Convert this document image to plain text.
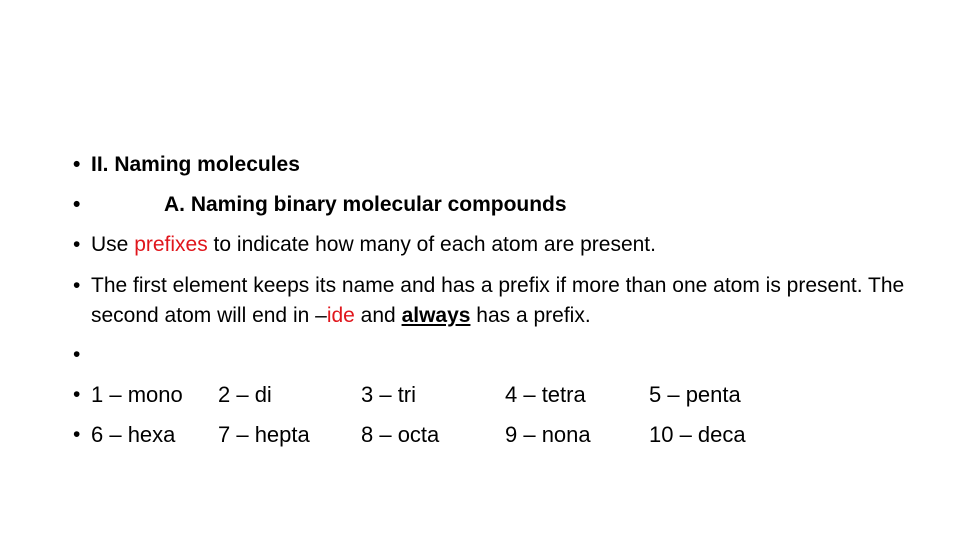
• II. Naming molecules
•	A. Naming binary molecular compounds
• Use prefixes to indicate how many of each atom are present.
• The first element keeps its name and has a prefix if more than one atom is present. The second atom will end in –ide and always has a prefix.
•
• 1 – mono 2 – di	3 – tri	4 – tetra	5 – penta
• 6 – hexa 7 – hepta 8 – octa	9 – nona	10 – deca
